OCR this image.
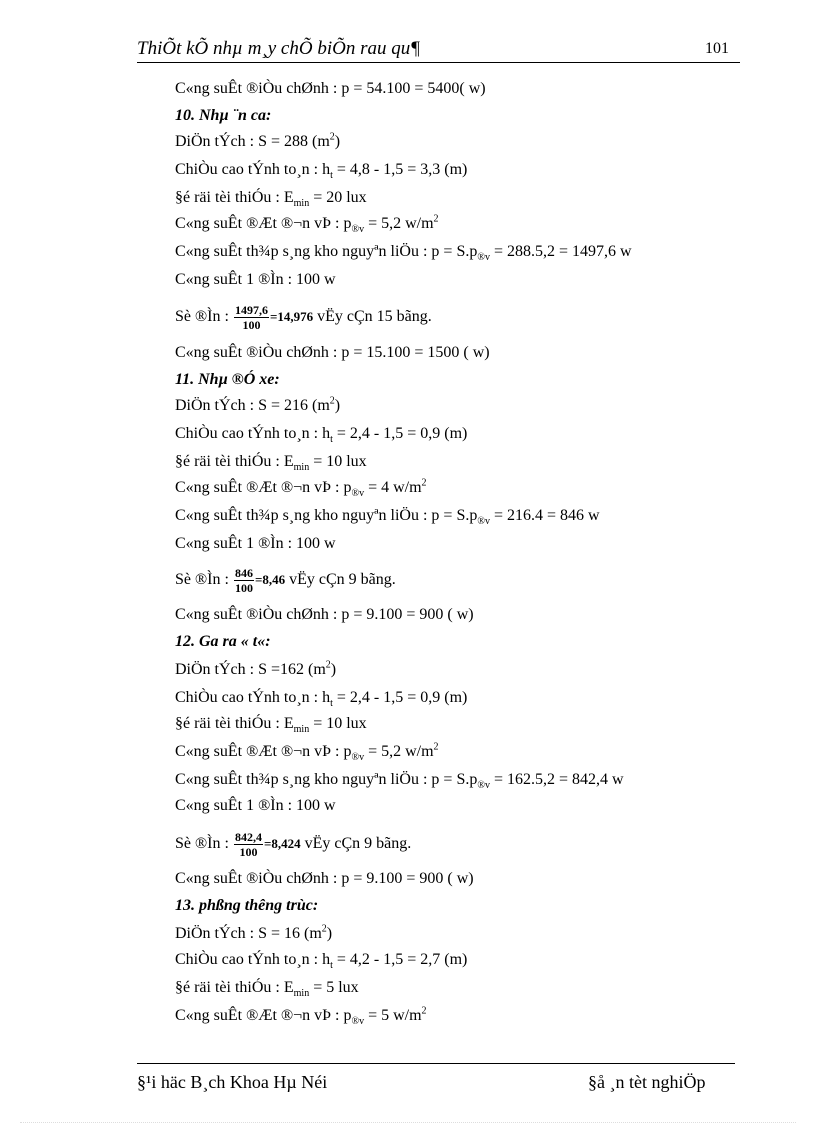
ThiÕt kÕ nhµ m¸y chÕ biÕn rau qu¶	101
C«ng suÊt ®iÒu chØnh : p = 54.100 = 5400( w)
10. Nhµ ¨n ca:
DiÖn tÝch : S = 288 $(m^2)$
ChiÒu cao tÝnh to¸n : $h_t = 4,8 - 1,5 = 3,3$ (m)
§é räi tèi thiÓu : $E_{min} = 20$ lux
C«ng suÊt ®Æt ®¬n vÞ : $p_{®v} = 5,2$ $w/m^2$
C«ng suÊt th¾p s¸ng kho nguyªn liÖu : $p = S.p_{®v} = 288.5,2 = 1497,6$ w
C«ng suÊt 1 ®Ìn : 100 w
Sè ®Ìn : $\frac{1497,6}{100} =14,976$ vËy cÇn 15 bãng.
C«ng suÊt ®iÒu chØnh : p = 15.100 = 1500 ( w)
11. Nhµ ®Ó xe:
DiÖn tÝch : S = 216 $(m^2)$
ChiÒu cao tÝnh to¸n : $h_t = 2,4 - 1,5 = 0,9$ (m)
§é räi tèi thiÓu : $E_{min} = 10$ lux
C«ng suÊt ®Æt ®¬n vÞ : $p_{®v} = 4$ $w/m^2$
C«ng suÊt th¾p s¸ng kho nguyªn liÖu : $p = S.p_{®v} = 216.4 = 846$ w
C«ng suÊt 1 ®Ìn : 100 w
Sè ®Ìn : $\frac{846}{100} =8,46$ vËy cÇn 9 bãng.
C«ng suÊt ®iÒu chØnh : p = 9.100 = 900 ( w)
12. Ga ra « t«:
DiÖn tÝch : S =162 $(m^2)$
ChiÒu cao tÝnh to¸n : $h_t = 2,4 - 1,5 = 0,9$ (m)
§é räi tèi thiÓu : $E_{min} = 10$ lux
C«ng suÊt ®Æt ®¬n vÞ : $p_{®v} = 5,2$ $w/m^2$
C«ng suÊt th¾p s¸ng kho nguyªn liÖu : $p = S.p_{®v} = 162.5,2 = 842,4$ w
C«ng suÊt 1 ®Ìn : 100 w
Sè ®Ìn : $\frac{842,4}{100} =8,424$ vËy cÇn 9 bãng.
C«ng suÊt ®iÒu chØnh : p = 9.100 = 900 ( w)
13. phßng thêng trùc:
DiÖn tÝch : S = 16 $(m^2)$
ChiÒu cao tÝnh to¸n : $h_t = 4,2 - 1,5 = 2,7$ (m)
§é räi tèi thiÓu : $E_{min} = 5$ lux
C«ng suÊt ®Æt ®¬n vÞ : $p_{®v} = 5$ $w/m^2$
§¹i häc B¸ch Khoa Hµ Néi	§å ¸n tèt nghiÖp
